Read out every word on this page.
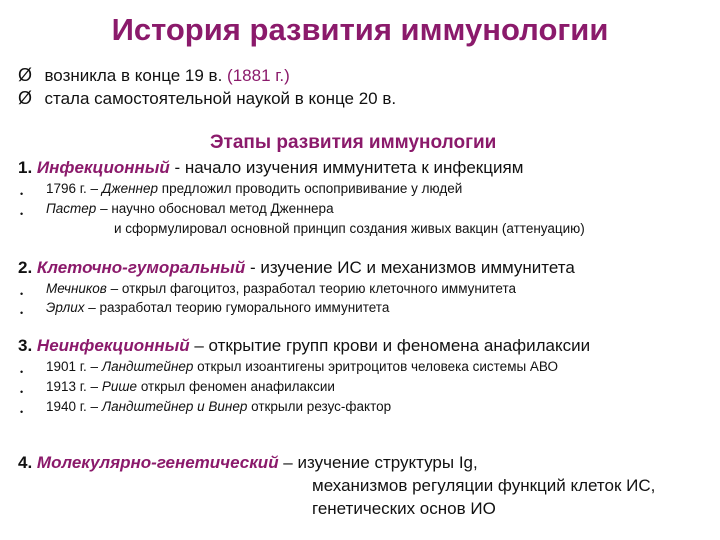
История развития иммунологии
Ø возникла в конце 19 в. (1881 г.)
Ø стала самостоятельной наукой в конце 20 в.
Этапы развития иммунологии
1. Инфекционный - начало изучения иммунитета к инфекциям
• 1796 г. – Дженнер предложил проводить оспопрививание у людей
• Пастер – научно обосновал метод Дженнера
и сформулировал основной принцип создания живых вакцин (аттенуацию)
2. Клеточно-гуморальный - изучение ИС и механизмов иммунитета
• Мечников – открыл фагоцитоз, разработал теорию клеточного иммунитета
• Эрлих – разработал теорию гуморального иммунитета
3. Неинфекционный – открытие групп крови и феномена анафилаксии
• 1901 г. – Ландштейнер открыл изоантигены эритроцитов человека системы АВО
• 1913 г. – Рише открыл феномен анафилаксии
• 1940 г. – Ландштейнер и Винер открыли резус-фактор
4. Молекулярно-генетический – изучение структуры Ig,
механизмов регуляции функций клеток ИС,
генетических основ ИО
